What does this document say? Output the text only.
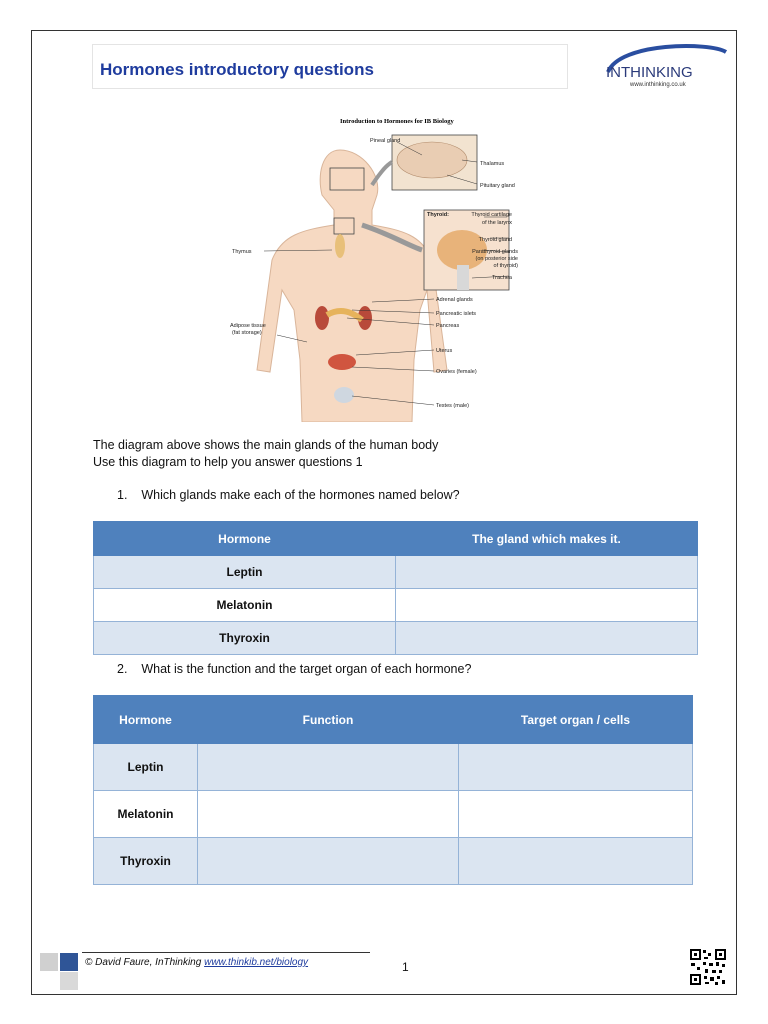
Hormones introductory questions	INTHINKING
www.inthinking.co.uk
Introduction to Hormones for IB Biology
Pineal gland
Thalamus
Pituitary gland
Thyroid:	Thyroid cartilage
of the larynx
Thyroid gland
Parathyroid glands
(on posterior side
of thyroid)
Trachea
Thymus
Adrenal glands
Pancreatic islets
Pancreas
Adipose tissue
(fat storage)
Uterus
Ovaries (female)
Testes (male)
The diagram above shows the main glands of the human body
Use this diagram to help you answer questions 1
1. Which glands make each of the hormones named below?
Hormone	The gland which makes it.
Leptin	
Melatonin	
Thyroxin	
2. What is the function and the target organ of each hormone?
Hormone	Function	Target organ / cells
Leptin		
Melatonin		
Thyroxin		
© David Faure, InThinking www.thinkib.net/biology	1
